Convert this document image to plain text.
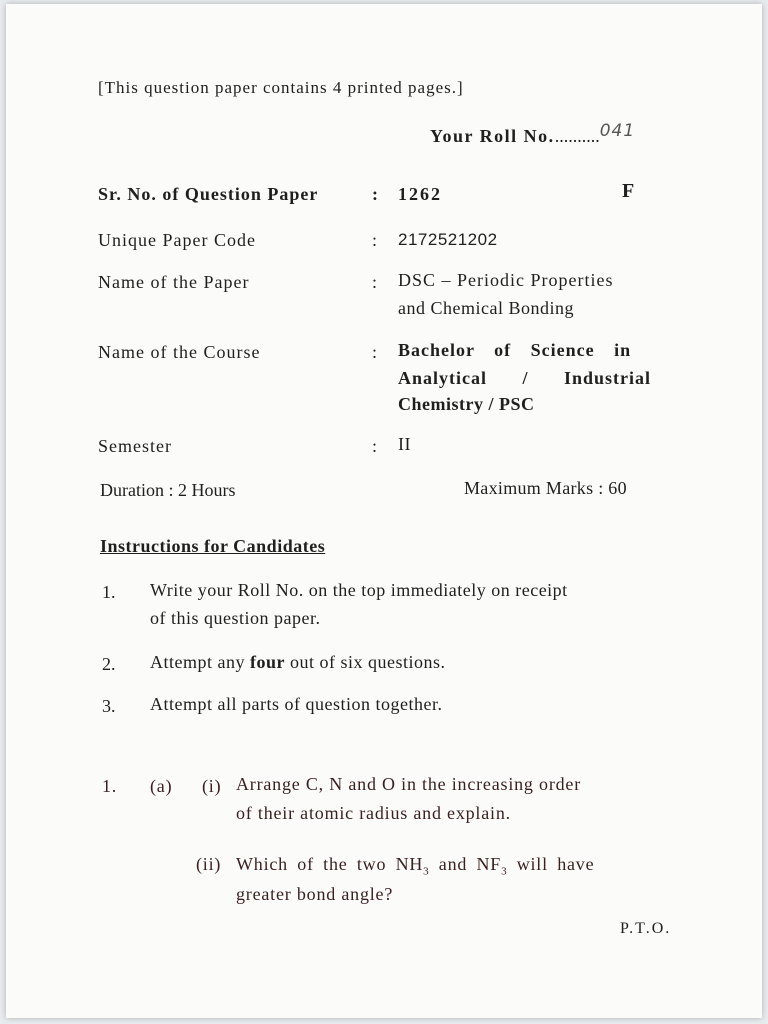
[This question paper contains 4 printed pages.]
Your Roll No...........041
Sr. No. of Question Paper	: 1262	F
Unique Paper Code	: 2172521202
Name of the Paper	: DSC – Periodic Properties
and Chemical Bonding
Name of the Course	: Bachelor of Science in
Analytical / Industrial
Chemistry / PSC
Semester	: II
Duration : 2 Hours	Maximum Marks : 60
Instructions for Candidates
1. Write your Roll No. on the top immediately on receipt
of this question paper.
2. Attempt any four out of six questions.
3. Attempt all parts of question together.
1. (a) (i) Arrange C, N and O in the increasing order
of their atomic radius and explain.
(ii) Which of the two $NH_3$ and $NF_3$ will have
greater bond angle?
P.T.O.
